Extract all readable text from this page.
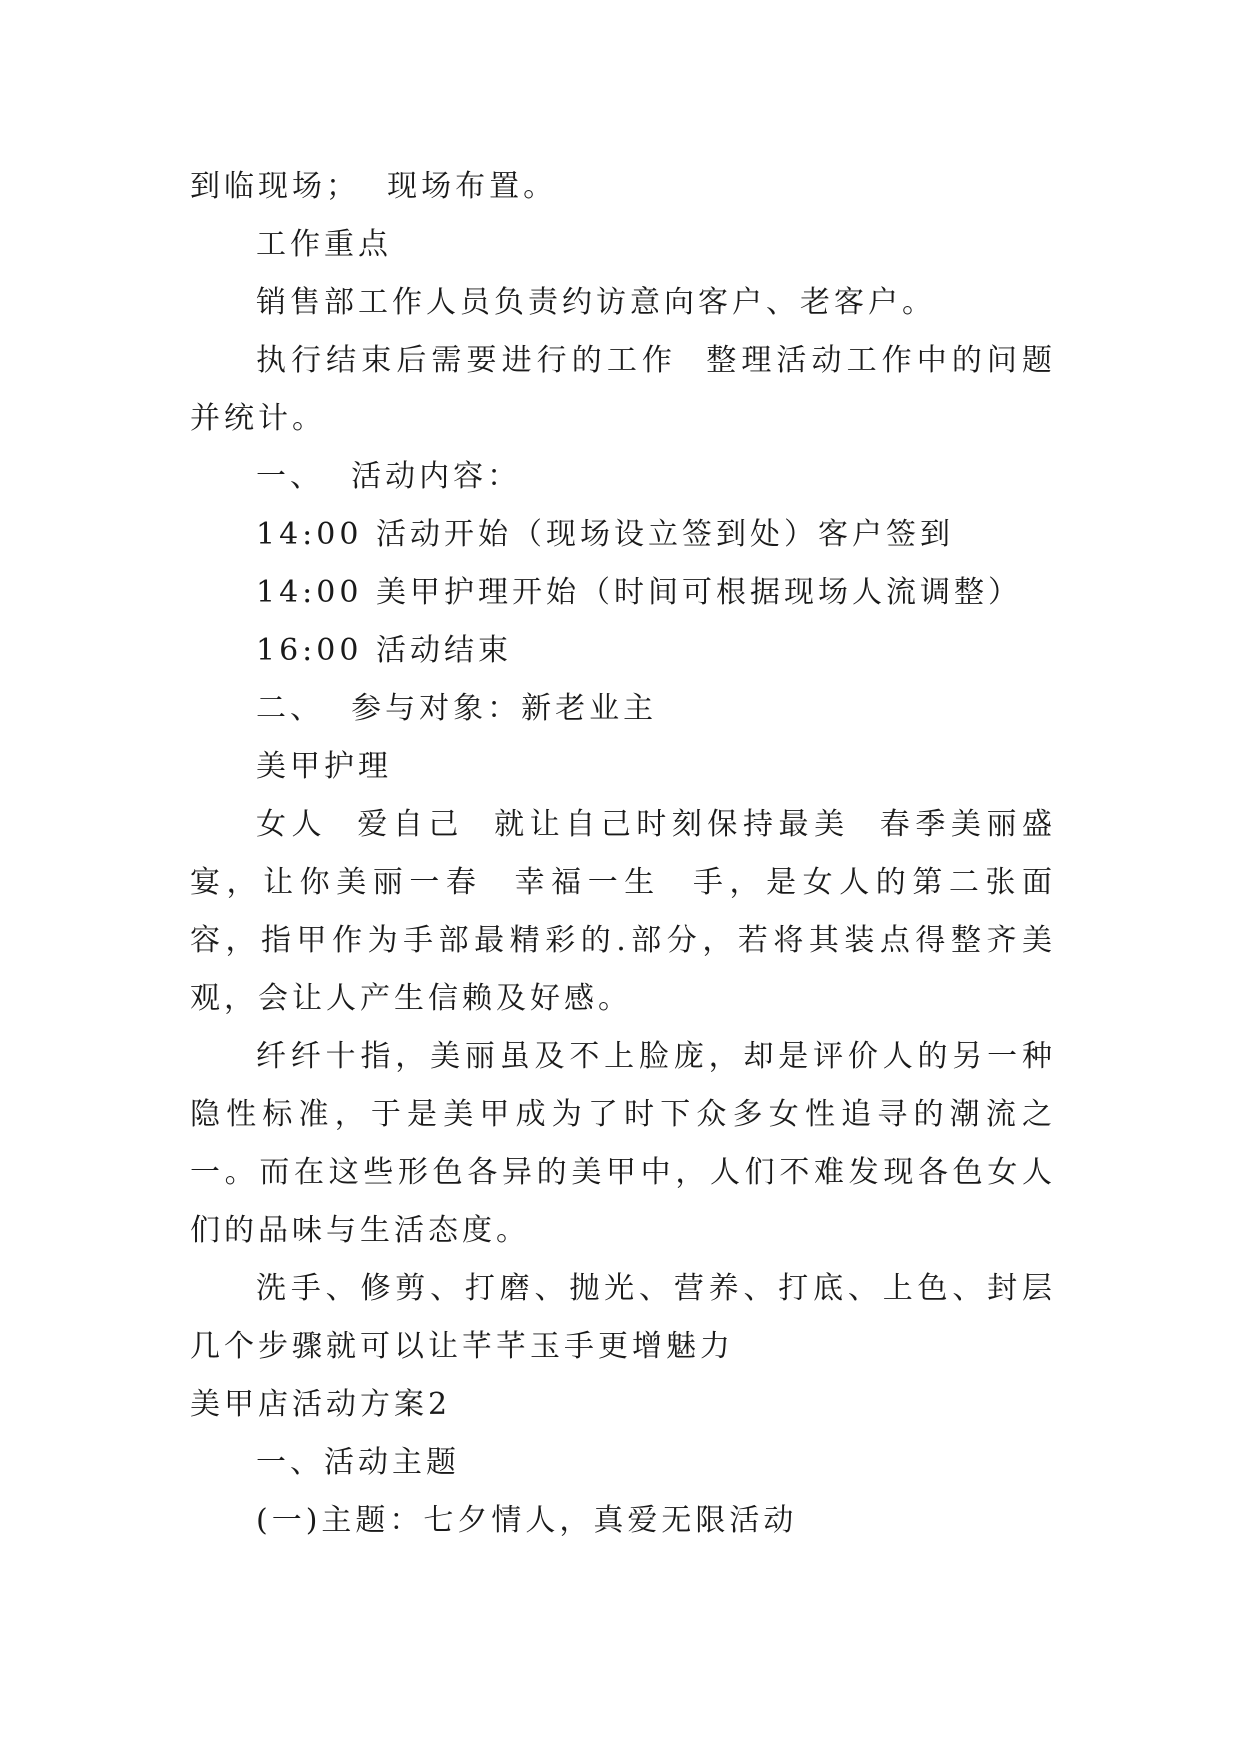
到临现场；  现场布置。

工作重点

销售部工作人员负责约访意向客户、老客户。

执行结束后需要进行的工作  整理活动工作中的问题并统计。

一、  活动内容：

14:00 活动开始（现场设立签到处）客户签到

14:00 美甲护理开始（时间可根据现场人流调整）

16:00 活动结束

二、  参与对象：新老业主

美甲护理

女人  爱自己  就让自己时刻保持最美  春季美丽盛宴，让你美丽一春  幸福一生  手，是女人的第二张面容，指甲作为手部最精彩的.部分，若将其装点得整齐美观，会让人产生信赖及好感。

纤纤十指，美丽虽及不上脸庞，却是评价人的另一种隐性标准，于是美甲成为了时下众多女性追寻的潮流之一。而在这些形色各异的美甲中，人们不难发现各色女人们的品味与生活态度。

洗手、修剪、打磨、抛光、营养、打底、上色、封层几个步骤就可以让芊芊玉手更增魅力

美甲店活动方案2

一、活动主题

(一)主题：七夕情人，真爱无限活动
